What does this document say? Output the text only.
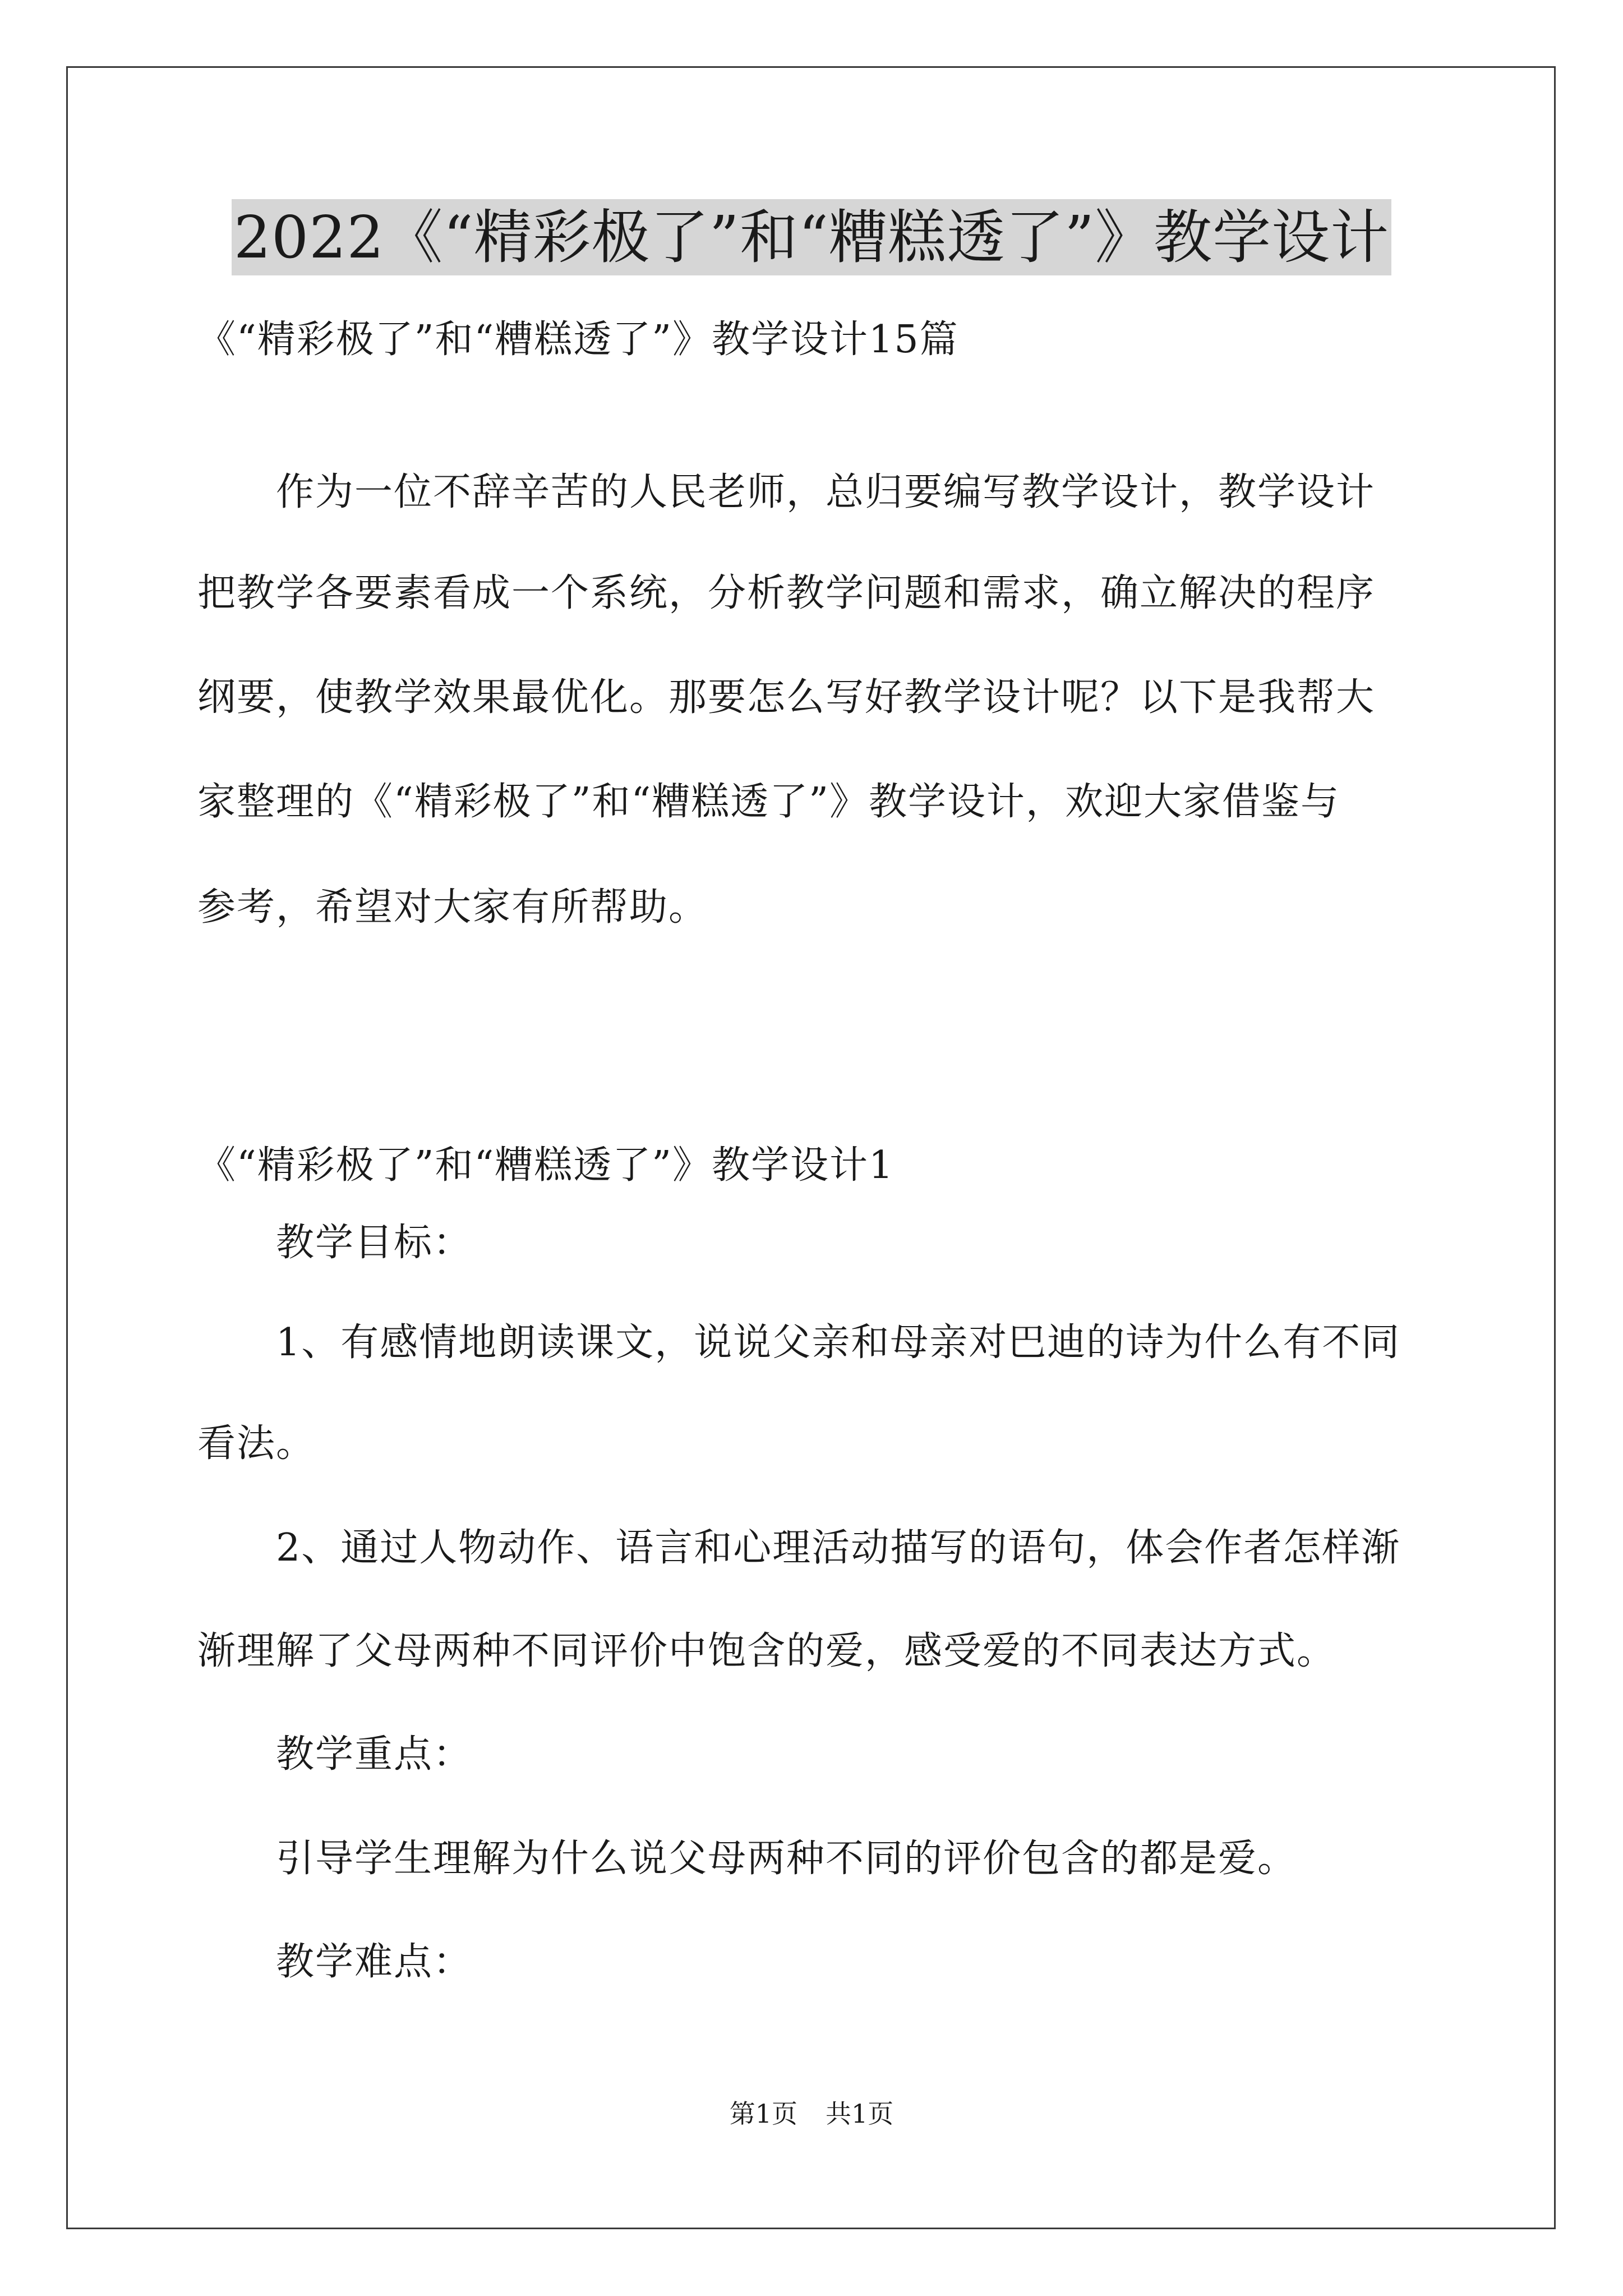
2022《“精彩极了”和“糟糕透了”》教学设计
《“精彩极了”和“糟糕透了”》教学设计15篇
作为一位不辞辛苦的人民老师，总归要编写教学设计，教学设计
把教学各要素看成一个系统，分析教学问题和需求，确立解决的程序
纲要，使教学效果最优化。那要怎么写好教学设计呢？以下是我帮大
家整理的《“精彩极了”和“糟糕透了”》教学设计，欢迎大家借鉴与
参考，希望对大家有所帮助。
《“精彩极了”和“糟糕透了”》教学设计1
教学目标：
1、有感情地朗读课文，说说父亲和母亲对巴迪的诗为什么有不同
看法。
2、通过人物动作、语言和心理活动描写的语句，体会作者怎样渐
渐理解了父母两种不同评价中饱含的爱，感受爱的不同表达方式。
教学重点：
引导学生理解为什么说父母两种不同的评价包含的都是爱。
教学难点：
第1页 共1页
